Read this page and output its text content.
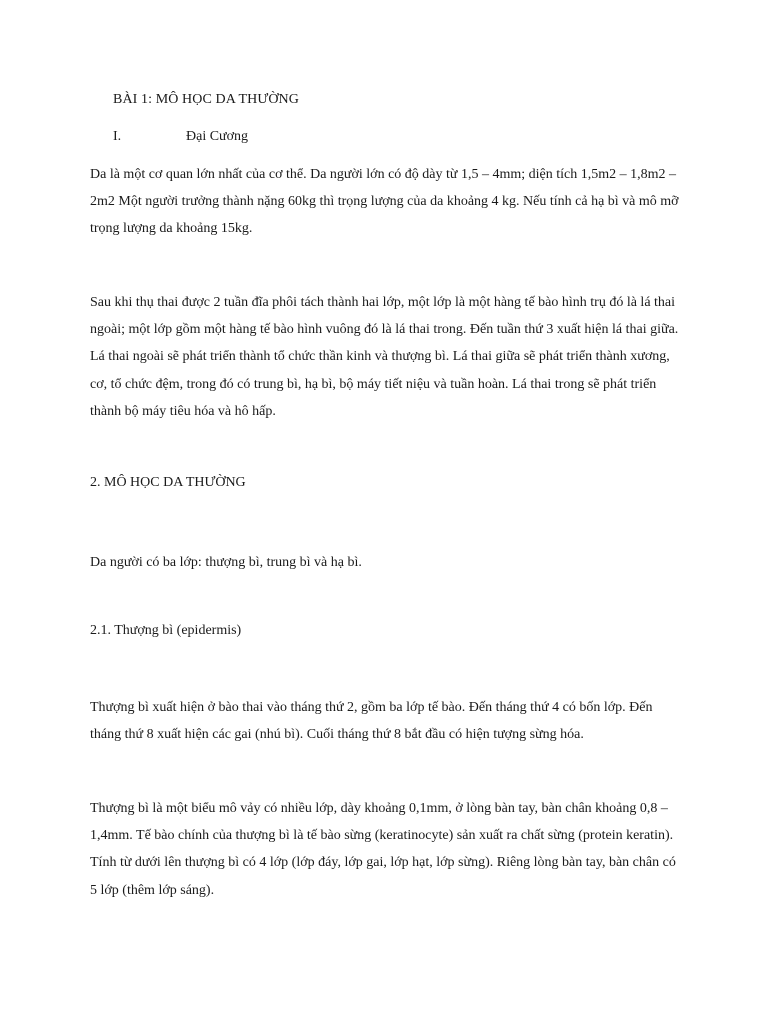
BÀI 1: MÔ HỌC DA THƯỜNG
I.	Đại Cương

Da là một cơ quan lớn nhất của cơ thể. Da người lớn có độ dày từ 1,5 – 4mm; diện tích 1,5m2 – 1,8m2 – 2m2 Một người trưởng thành nặng 60kg thì trọng lượng của da khoảng 4 kg. Nếu tính cả hạ bì và mô mỡ trọng lượng da khoảng 15kg.

Sau khi thụ thai được 2 tuần đĩa phôi tách thành hai lớp, một lớp là một hàng tế bào hình trụ đó là lá thai ngoài; một lớp gồm một hàng tế bào hình vuông đó là lá thai trong. Đến tuần thứ 3 xuất hiện lá thai giữa. Lá thai ngoài sẽ phát triển thành tổ chức thần kinh và thượng bì. Lá thai giữa sẽ phát triển thành xương, cơ, tổ chức đệm, trong đó có trung bì, hạ bì, bộ máy tiết niệu và tuần hoàn. Lá thai trong sẽ phát triển thành bộ máy tiêu hóa và hô hấp.

2. MÔ HỌC DA THƯỜNG

Da người có ba lớp: thượng bì, trung bì và hạ bì.

2.1. Thượng bì (epidermis)

Thượng bì xuất hiện ở bào thai vào tháng thứ 2, gồm ba lớp tế bào. Đến tháng thứ 4 có bốn lớp. Đến tháng thứ 8 xuất hiện các gai (nhú bì). Cuối tháng thứ 8 bắt đầu có hiện tượng sừng hóa.

Thượng bì là một biểu mô vảy có nhiều lớp, dày khoảng 0,1mm, ở lòng bàn tay, bàn chân khoảng 0,8 –1,4mm. Tế bào chính của thượng bì là tế bào sừng (keratinocyte) sản xuất ra chất sừng (protein keratin). Tính từ dưới lên thượng bì có 4 lớp (lớp đáy, lớp gai, lớp hạt, lớp sừng). Riêng lòng bàn tay, bàn chân có 5 lớp (thêm lớp sáng).
